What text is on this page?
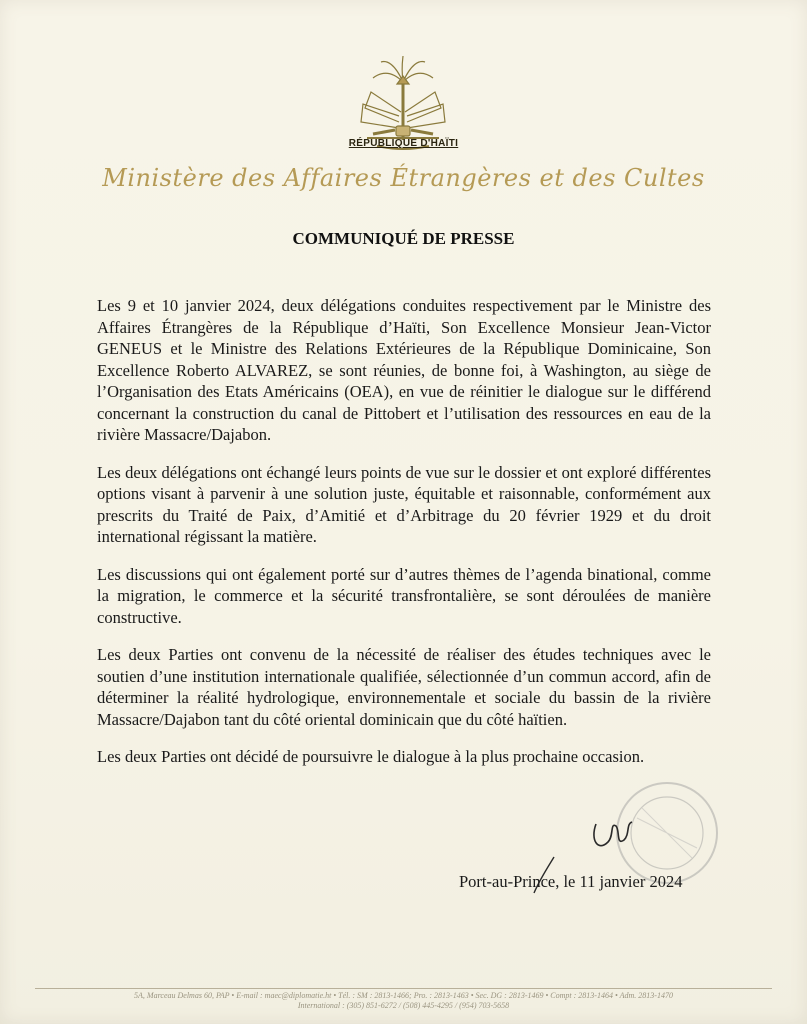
RÉPUBLIQUE D'HAÏTI
Ministère des Affaires Étrangères et des Cultes
COMMUNIQUÉ DE PRESSE

Les 9 et 10 janvier 2024, deux délégations conduites respectivement par le Ministre des Affaires Étrangères de la République d’Haïti, Son Excellence Monsieur Jean-Victor GENEUS et le Ministre des Relations Extérieures de la République Dominicaine, Son Excellence Roberto ALVAREZ, se sont réunies, de bonne foi, à Washington, au siège de l’Organisation des Etats Américains (OEA), en vue de réinitier le dialogue sur le différend concernant la construction du canal de Pittobert et l’utilisation des ressources en eau de la rivière Massacre/Dajabon.

Les deux délégations ont échangé leurs points de vue sur le dossier et ont exploré différentes options visant à parvenir à une solution juste, équitable et raisonnable, conformément aux prescrits du Traité de Paix, d’Amitié et d’Arbitrage du 20 février 1929 et du droit international régissant la matière.

Les discussions qui ont également porté sur d’autres thèmes de l’agenda binational, comme la migration, le commerce et la sécurité transfrontalière, se sont déroulées de manière constructive.

Les deux Parties ont convenu de la nécessité de réaliser des études techniques avec le soutien d’une institution internationale qualifiée, sélectionnée d’un commun accord, afin de déterminer la réalité hydrologique, environnementale et sociale du bassin de la rivière Massacre/Dajabon tant du côté oriental dominicain que du côté haïtien.

Les deux Parties ont décidé de poursuivre le dialogue à la plus prochaine occasion.

Port-au-Prince, le 11 janvier 2024
5A, Marceau Delmas 60, PAP • E-mail : maec@diplomatie.ht • Tél. : SM : 2813-1466; Pro. : 2813-1463 • Sec. DG : 2813-1469 • Compt : 2813-1464 • Adm. 2813-1470
International : (305) 851-6272 / (508) 445-4295 / (954) 703-5658
